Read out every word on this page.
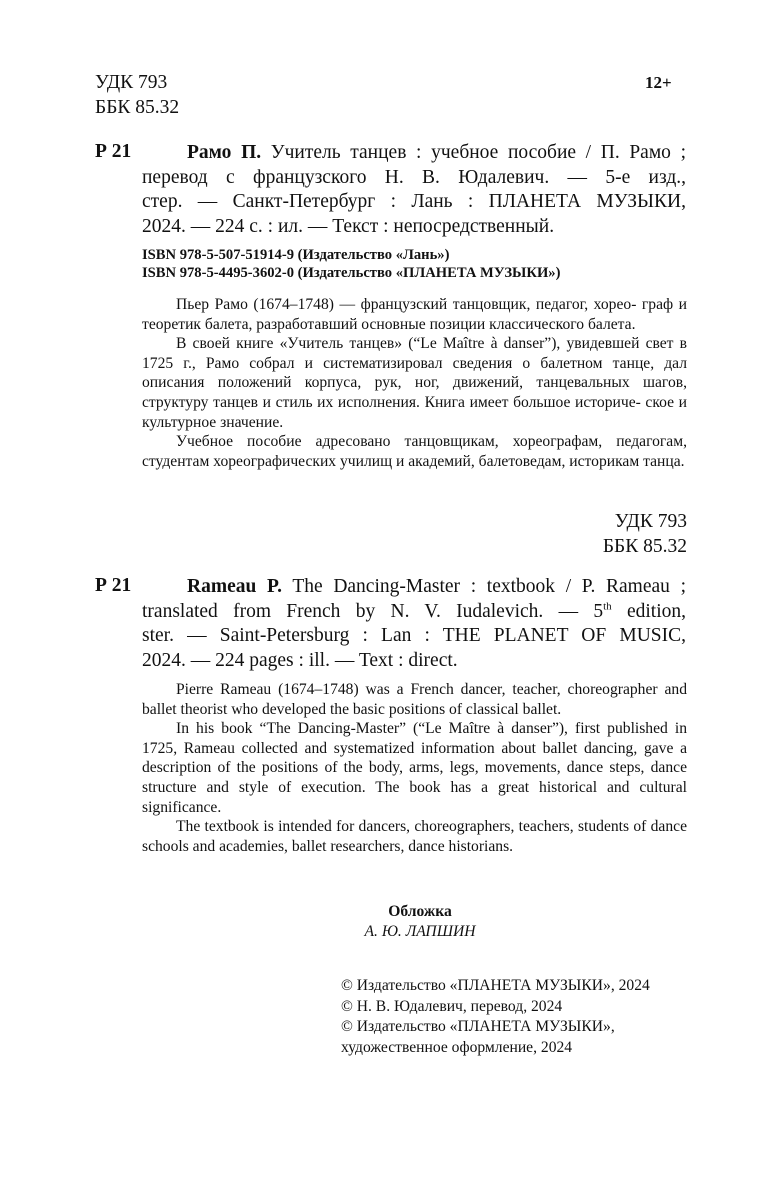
УДК 793
ББК 85.32
12+
Р 21	Рамо П. Учитель танцев : учебное пособие / П. Рамо ;
перевод с французского Н. В. Юдалевич. — 5-е изд.,
стер. — Санкт-Петербург : Лань : ПЛАНЕТА МУЗЫКИ,
2024. — 224 с. : ил. — Текст : непосредственный.
ISBN 978-5-507-51914-9 (Издательство «Лань»)
ISBN 978-5-4495-3602-0 (Издательство «ПЛАНЕТА МУЗЫКИ»)

Пьер Рамо (1674–1748) — французский танцовщик, педагог, хорео- граф и теоретик балета, разработавший основные позиции классического балета.

В своей книге «Учитель танцев» (“Le Maître à danser”), увидевшей свет в 1725 г., Рамо собрал и систематизировал сведения о балетном танце, дал описания положений корпуса, рук, ног, движений, танцевальных шагов, структуру танцев и стиль их исполнения. Книга имеет большое историче- ское и культурное значение.

Учебное пособие адресовано танцовщикам, хореографам, педагогам, студентам хореографических училищ и академий, балетоведам, историкам танца.

УДК 793
ББК 85.32
Р 21	Rameau P. The Dancing-Master : textbook / P. Rameau ;
translated from French by N. V. Iudalevich. — 5th edition,
ster. — Saint-Petersburg : Lan : THE PLANET OF MUSIC,
2024. — 224 pages : ill. — Text : direct.

Pierre Rameau (1674–1748) was a French dancer, teacher, choreographer and ballet theorist who developed the basic positions of classical ballet.

In his book “The Dancing-Master” (“Le Maître à danser”), first published in 1725, Rameau collected and systematized information about ballet dancing, gave a description of the positions of the body, arms, legs, movements, dance steps, dance structure and style of execution. The book has a great historical and cultural significance.

The textbook is intended for dancers, choreographers, teachers, students of dance schools and academies, ballet researchers, dance historians.

Обложка
А. Ю. ЛАПШИН
© Издательство «ПЛАНЕТА МУЗЫКИ», 2024
© Н. В. Юдалевич, перевод, 2024
© Издательство «ПЛАНЕТА МУЗЫКИ»,
художественное оформление, 2024
